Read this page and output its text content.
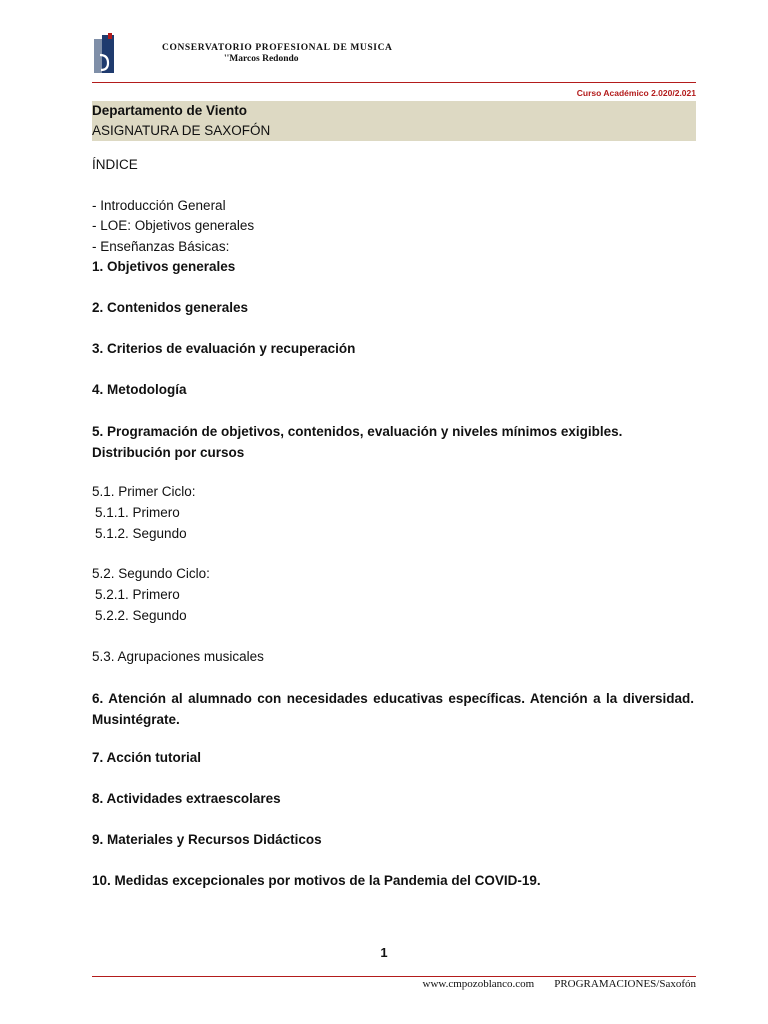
CONSERVATORIO PROFESIONAL DE MUSICA
''Marcos Redondo
Curso Académico 2.020/2.021
Departamento de Viento
ASIGNATURA DE SAXOFÓN
ÍNDICE
- Introducción General
- LOE: Objetivos generales
- Enseñanzas Básicas:
1. Objetivos generales
2. Contenidos generales
3. Criterios de evaluación y recuperación
4. Metodología
5. Programación de objetivos, contenidos, evaluación y niveles mínimos exigibles. Distribución por cursos
5.1. Primer Ciclo:
5.1.1. Primero
5.1.2. Segundo
5.2. Segundo Ciclo:
5.2.1. Primero
5.2.2. Segundo
5.3. Agrupaciones musicales
6. Atención al alumnado con necesidades educativas específicas. Atención a la diversidad. Musintégrate.
7. Acción tutorial
8. Actividades extraescolares
9. Materiales y Recursos Didácticos
10. Medidas excepcionales por motivos de la Pandemia del COVID-19.
1
www.cmpozoblanco.com PROGRAMACIONES/Saxofón
